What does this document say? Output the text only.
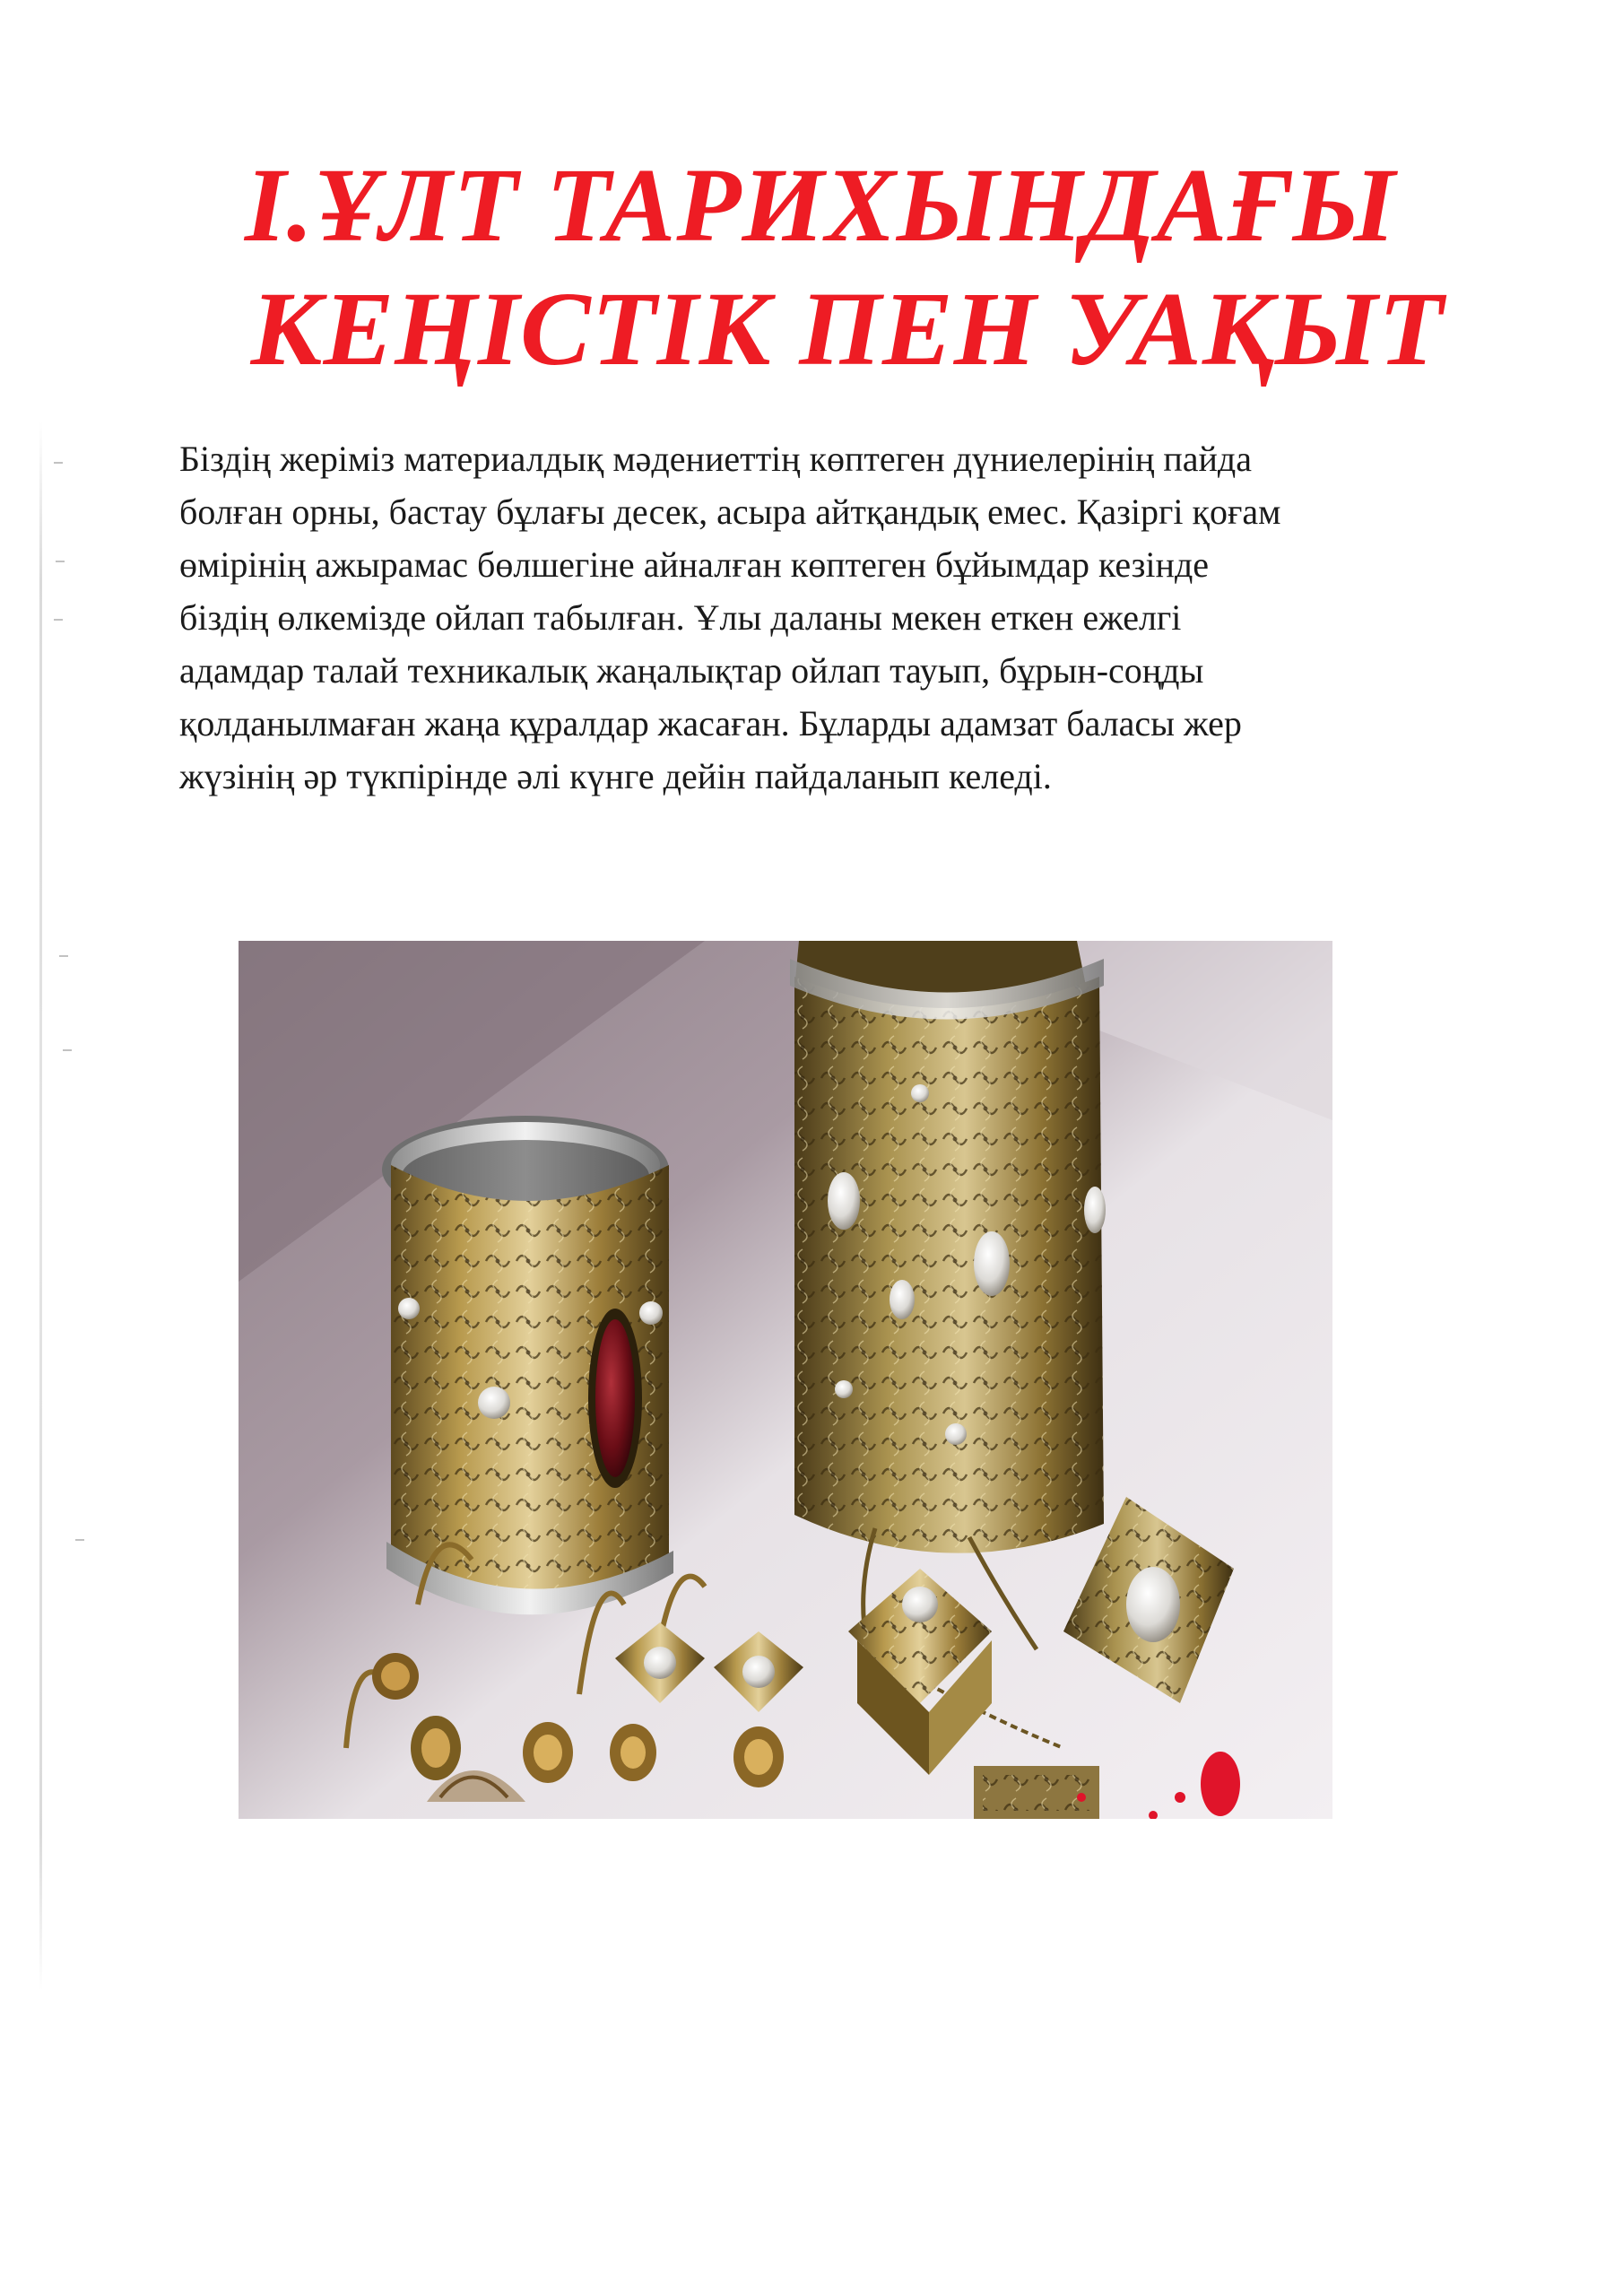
І.ҰЛТ ТАРИХЫНДАҒЫ
КЕҢІСТІК ПЕН УАҚЫТ

Біздің жеріміз материалдық мәдениеттің көптеген дүниелерінің пайда
болған орны, бастау бұлағы десек, асыра айтқандық емес. Қазіргі қоғам
өмірінің ажырамас бөлшегіне айналған көптеген бұйымдар кезінде
біздің өлкемізде ойлап табылған. Ұлы даланы мекен еткен ежелгі
адамдар талай техникалық жаңалықтар ойлап тауып, бұрын-соңды
қолданылмаған жаңа құралдар жасаған. Бұларды адамзат баласы жер
жүзінің әр түкпірінде әлі күнге дейін пайдаланып келеді.
